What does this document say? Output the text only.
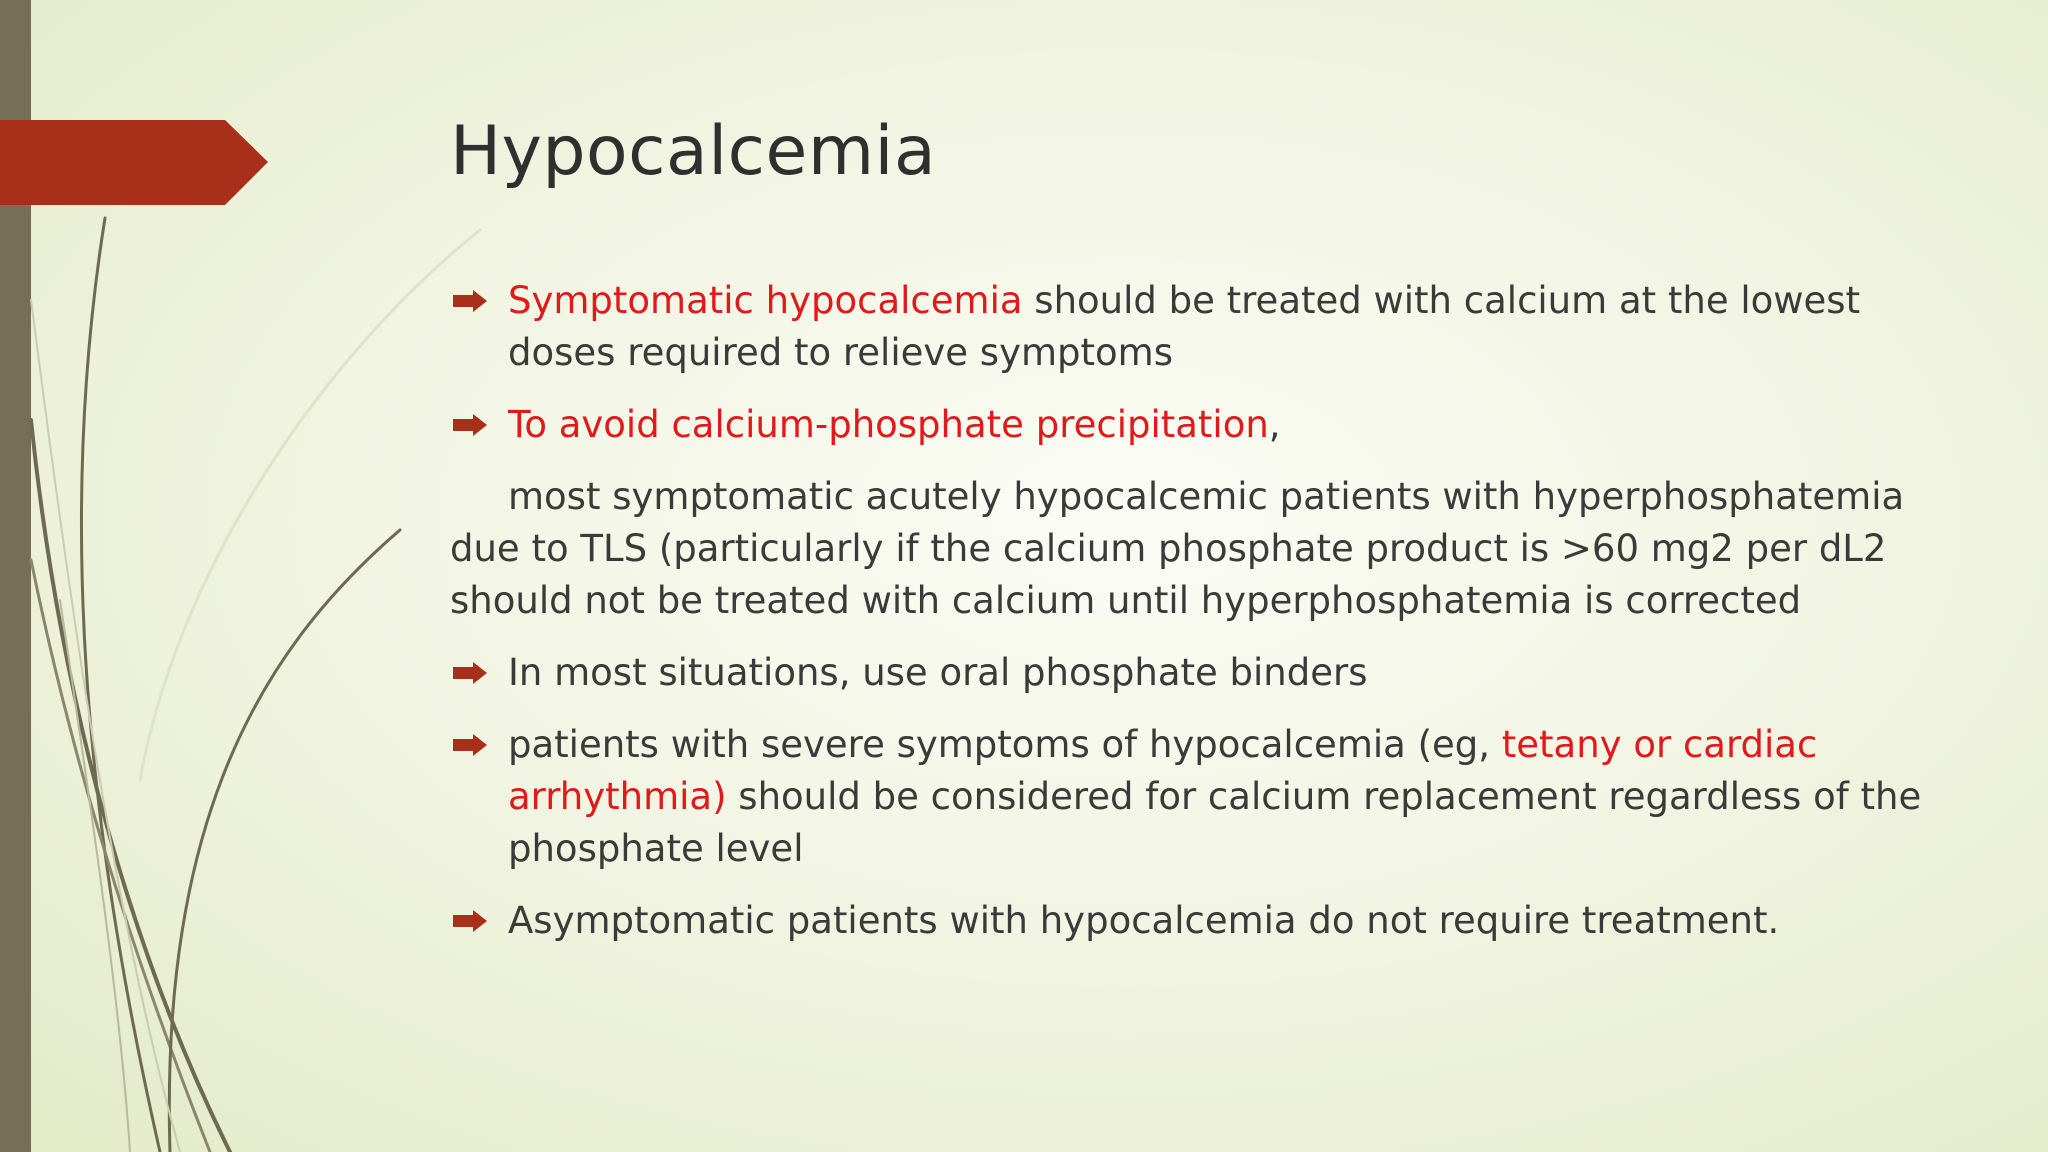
Hypocalcemia
Symptomatic hypocalcemia should be treated with calcium at the lowest doses required to relieve symptoms
To avoid calcium-phosphate precipitation,
most symptomatic acutely hypocalcemic patients with hyperphosphatemia due to TLS (particularly if the calcium phosphate product is >60 mg2 per dL2 should not be treated with calcium until hyperphosphatemia is corrected
In most situations, use oral phosphate binders
patients with severe symptoms of hypocalcemia (eg, tetany or cardiac arrhythmia) should be considered for calcium replacement regardless of the phosphate level
Asymptomatic patients with hypocalcemia do not require treatment.
